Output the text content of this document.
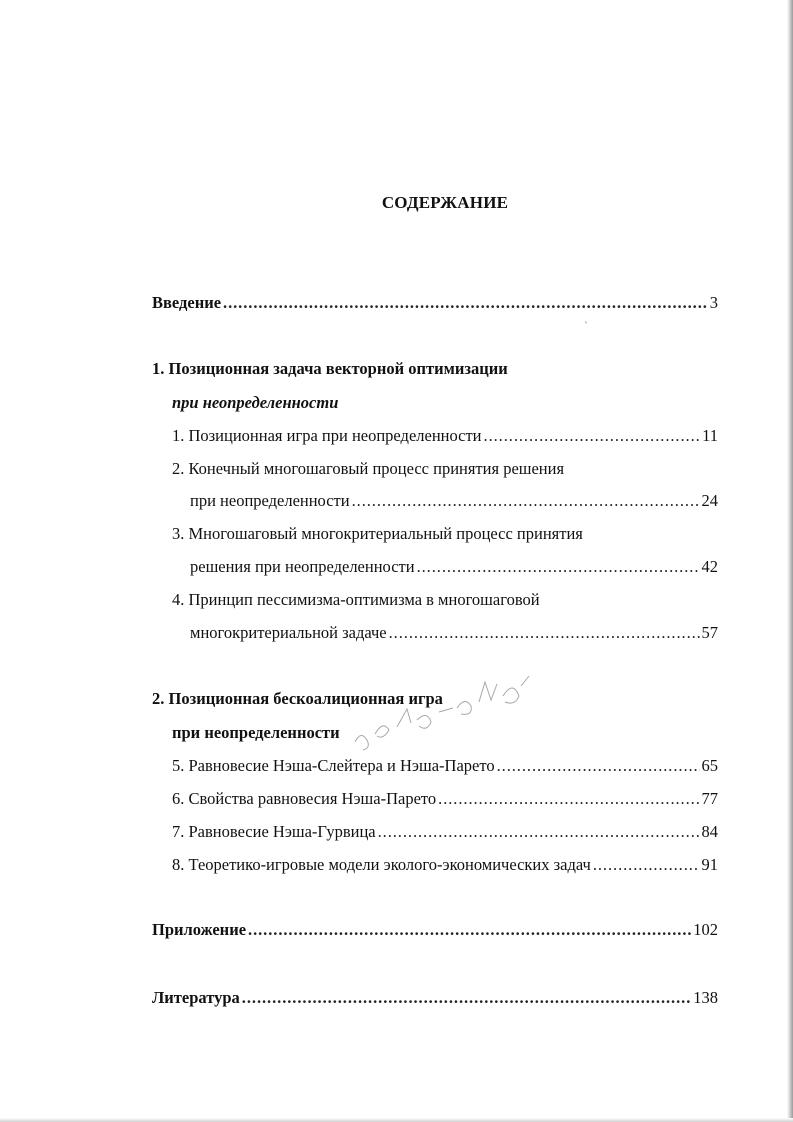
СОДЕРЖАНИЕ
Введение . . .	3
1. Позиционная задача векторной оптимизации
при неопределенности
1. Позиционная игра при неопределенности . . .	11
2. Конечный многошаговый процесс принятия решения
при неопределенности . . .	24
3. Многошаговый многокритериальный процесс принятия
решения при неопределенности . . .	42
4. Принцип пессимизма-оптимизма в многошаговой
многокритериальной задаче . . .	57
2. Позиционная бескоалиционная игра
при неопределенности
5. Равновесие Нэша-Слейтера и Нэша-Парето . . .	65
6. Свойства равновесия Нэша-Парето . . .	77
7. Равновесие Нэша-Гурвица . . .	84
8. Теоретико-игровые модели эколого-экономических задач . . .	91
Приложение . . .	102
Литература . . .	138
՝
